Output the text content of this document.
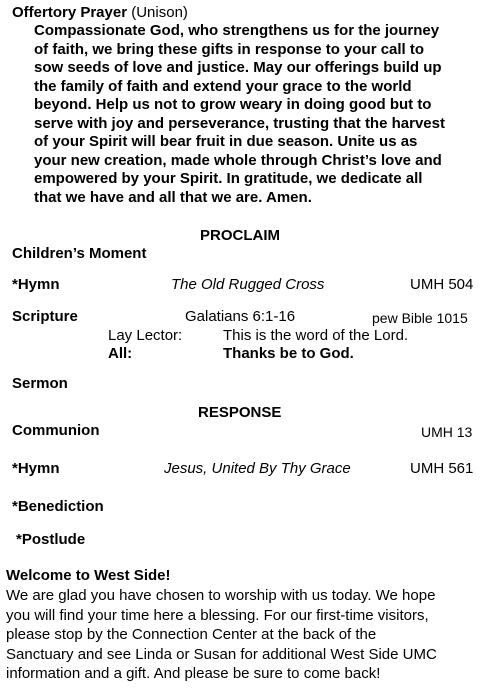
Offertory Prayer (Unison)
Compassionate God, who strengthens us for the journey
of faith, we bring these gifts in response to your call to
sow seeds of love and justice. May our offerings build up
the family of faith and extend your grace to the world
beyond. Help us not to grow weary in doing good but to
serve with joy and perseverance, trusting that the harvest
of your Spirit will bear fruit in due season. Unite us as
your new creation, made whole through Christ’s love and
empowered by your Spirit. In gratitude, we dedicate all
that we have and all that we are. Amen.
PROCLAIM
Children’s Moment
*Hymn	The Old Rugged Cross	UMH 504
Scripture	Galatians 6:1-16	pew Bible 1015
Lay Lector:	This is the word of the Lord.
All:	Thanks be to God.
Sermon
RESPONSE
Communion	UMH 13
*Hymn	Jesus, United By Thy Grace	UMH 561
*Benediction
*Postlude
Welcome to West Side!
We are glad you have chosen to worship with us today. We hope
you will find your time here a blessing. For our first-time visitors,
please stop by the Connection Center at the back of the
Sanctuary and see Linda or Susan for additional West Side UMC
information and a gift. And please be sure to come back!
